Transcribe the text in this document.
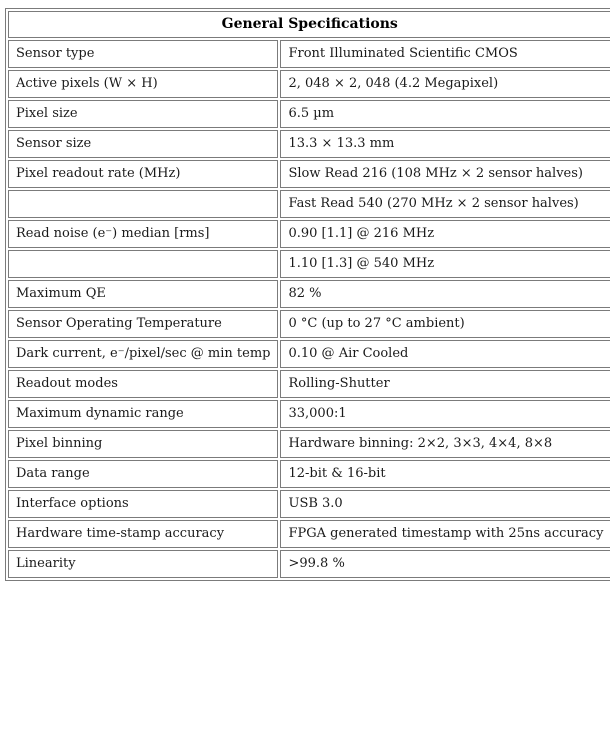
General Specifications	
Sensor type	Front Illuminated Scientific CMOS
Active pixels (W × H)	2, 048 × 2, 048 (4.2 Megapixel)
Pixel size	6.5 µm
Sensor size	13.3 × 13.3 mm
Pixel readout rate (MHz)	Slow Read 216 (108 MHz × 2 sensor halves)
	Fast Read 540 (270 MHz × 2 sensor halves)
Read noise (e⁻) median [rms]	0.90 [1.1] @ 216 MHz
	1.10 [1.3] @ 540 MHz
Maximum QE	82 %
Sensor Operating Temperature	0 °C (up to 27 °C ambient)
Dark current, e⁻/pixel/sec @ min temp	0.10 @ Air Cooled
Readout modes	Rolling-Shutter
Maximum dynamic range	33,000:1
Pixel binning	Hardware binning: 2×2, 3×3, 4×4, 8×8
Data range	12-bit & 16-bit
Interface options	USB 3.0
Hardware time-stamp accuracy	FPGA generated timestamp with 25ns accuracy
Linearity	>99.8 %
